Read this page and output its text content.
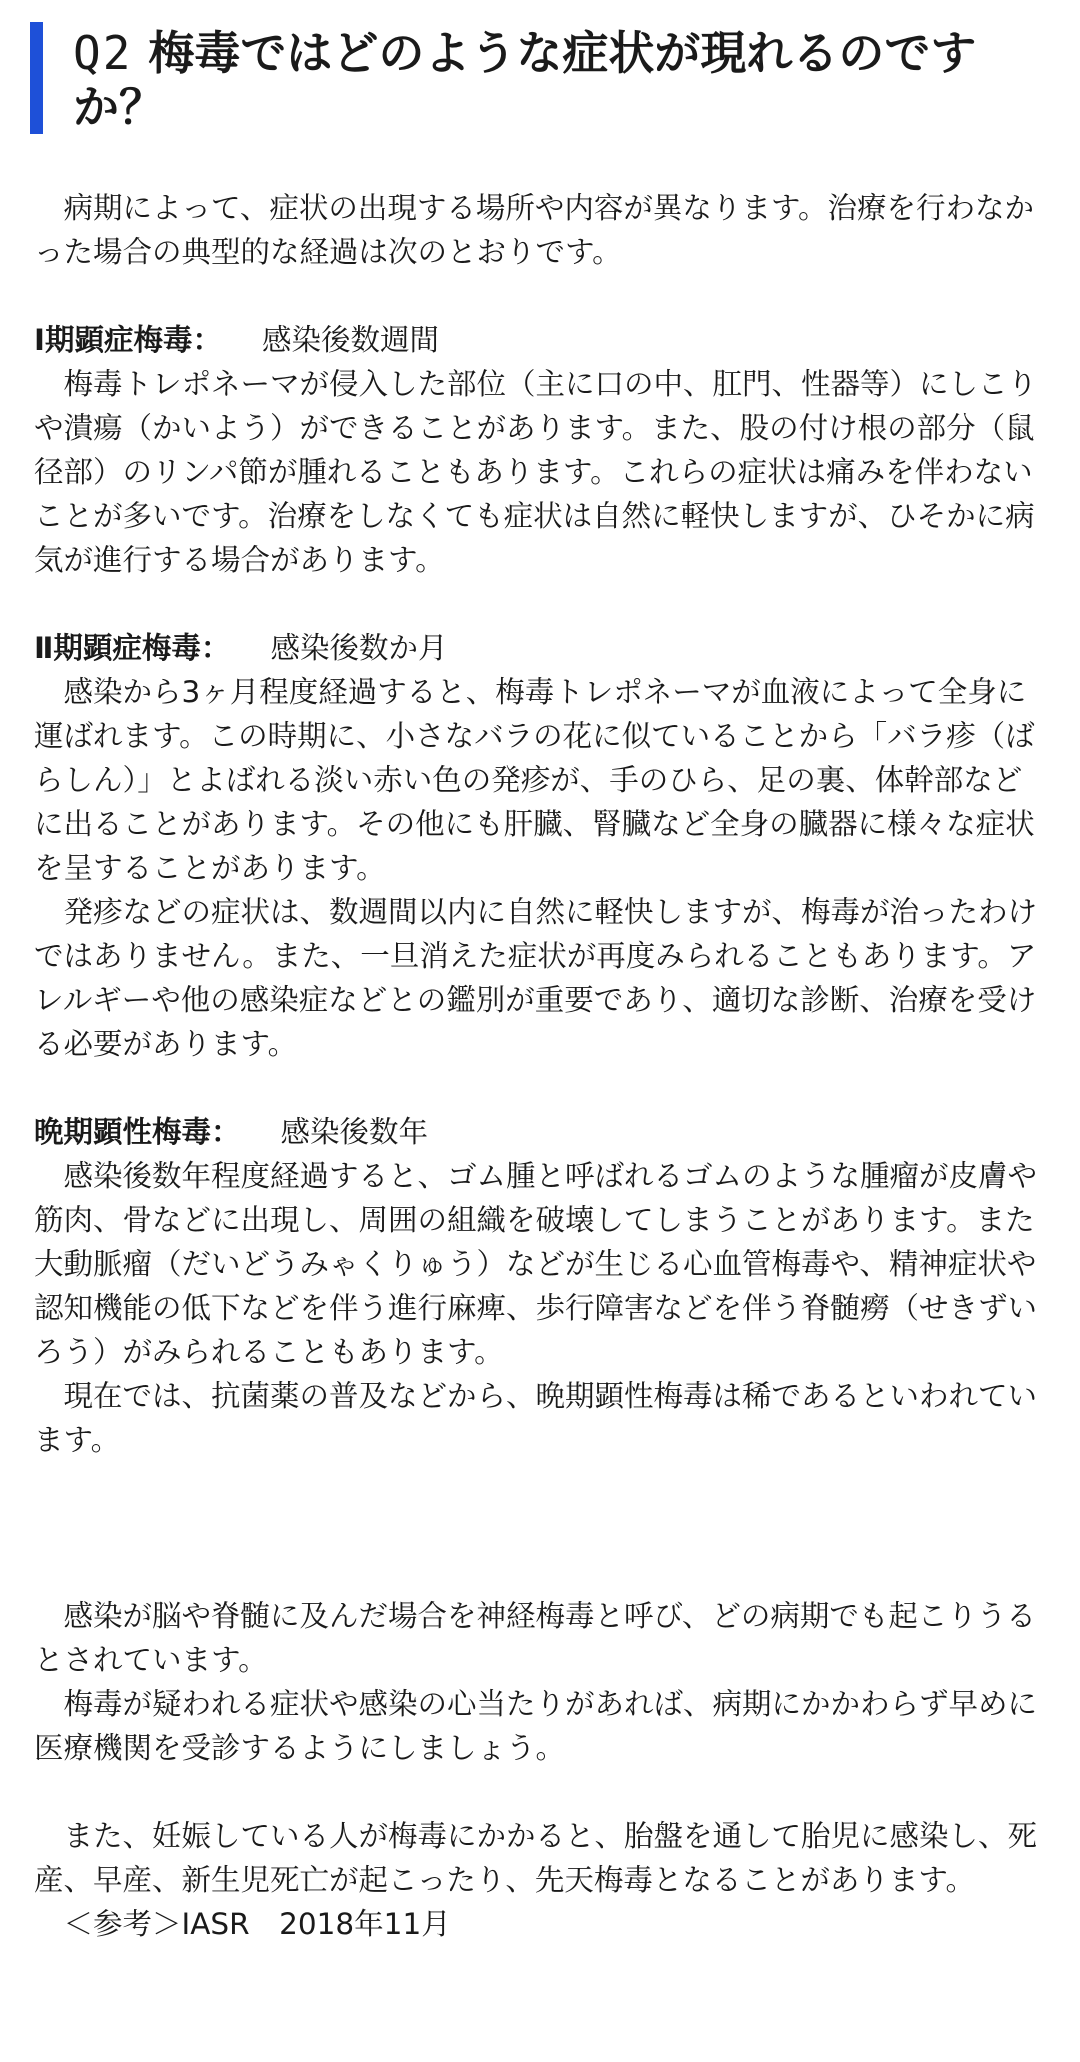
Q2 梅毒ではどのような症状が現れるのですか？

病期によって、症状の出現する場所や内容が異なります。治療を行わなかった場合の典型的な経過は次のとおりです。

Ⅰ期顕症梅毒： 感染後数週間

梅毒トレポネーマが侵入した部位（主に口の中、肛門、性器等）にしこりや潰瘍（かいよう）ができることがあります。また、股の付け根の部分（鼠径部）のリンパ節が腫れることもあります。これらの症状は痛みを伴わないことが多いです。治療をしなくても症状は自然に軽快しますが、ひそかに病気が進行する場合があります。

Ⅱ期顕症梅毒： 感染後数か月

感染から3ヶ月程度経過すると、梅毒トレポネーマが血液によって全身に運ばれます。この時期に、小さなバラの花に似ていることから「バラ疹（ばらしん）」とよばれる淡い赤い色の発疹が、手のひら、足の裏、体幹部などに出ることがあります。その他にも肝臓、腎臓など全身の臓器に様々な症状を呈することがあります。

発疹などの症状は、数週間以内に自然に軽快しますが、梅毒が治ったわけではありません。また、一旦消えた症状が再度みられることもあります。アレルギーや他の感染症などとの鑑別が重要であり、適切な診断、治療を受ける必要があります。

晩期顕性梅毒： 感染後数年

感染後数年程度経過すると、ゴム腫と呼ばれるゴムのような腫瘤が皮膚や筋肉、骨などに出現し、周囲の組織を破壊してしまうことがあります。また大動脈瘤（だいどうみゃくりゅう）などが生じる心血管梅毒や、精神症状や認知機能の低下などを伴う進行麻痺、歩行障害などを伴う脊髄癆（せきずいろう）がみられることもあります。

現在では、抗菌薬の普及などから、晩期顕性梅毒は稀であるといわれています。

感染が脳や脊髄に及んだ場合を神経梅毒と呼び、どの病期でも起こりうるとされています。

梅毒が疑われる症状や感染の心当たりがあれば、病期にかかわらず早めに医療機関を受診するようにしましょう。

また、妊娠している人が梅毒にかかると、胎盤を通して胎児に感染し、死産、早産、新生児死亡が起こったり、先天梅毒となることがあります。

＜参考＞IASR　2018年11月
